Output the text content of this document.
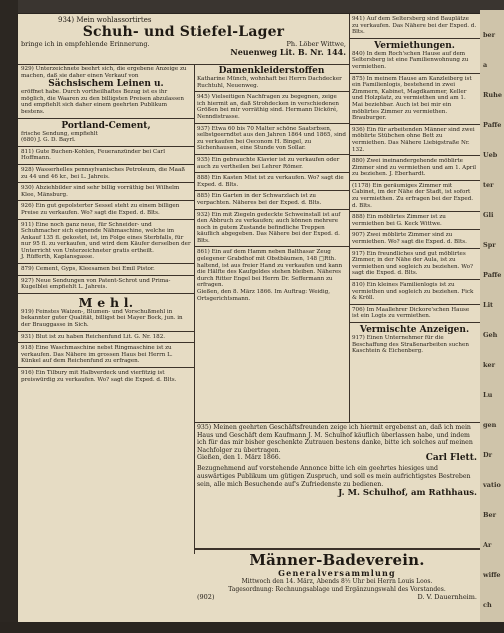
934) Mein wohlassortirtes
Schuh- und Stiefel-Lager
bringe ich in empfehlende Erinnerung.	Ph. Löber Wittwe,
Neuenweg Lit. B. Nr. 144.
929) Unterzeichnete beehrt sich, die ergebene Anzeige zu machen, daß sie daher einen Verkauf von
Sächsischem Leinen u.
eröffnet habe. Durch vortheilhaftes Bezug ist es ihr möglich, die Waaren zu den billigsten Preisen abzulassen und empfiehlt sich daher einem geehrten Publikum bestens.
Portland-Cement,
frische Sendung, empfiehlt
(680) J. G. D. Bayrl.
811) Gute Buchen-Kohlen, Feueranzünder bei Carl Hoffmann.
928) Wasserhelles pennsylvanisches Petroleum, die Maaß zu 44 und 46 kr., bei L. Jahreis.
930) Abziehbilder sind sehr billig vorräthig bei Wilhelm Klee, Mänsburg.
926) Ein gut gepolsterter Sessel steht zu einem billigen Preise zu verkaufen. Wo? sagt die Exped. d. Blts.
911) Eine noch ganz neue, für Schneider- und Schuhmacher sich eignende Nähmaschine, welche im Ankauf 135 fl. gekostet, ist, im Folge eines Sterbfalls, für nur 95 fl. zu verkaufen, und wird dem Käufer derselben der Unterricht von Unterzeichneter gratis ertheilt.
J. Rüfferth, Kaplansgasse.
879) Cement, Gyps, Kleesamen bei Emil Pistor.
927) Neue Sendungen von Patent-Schrot und Prima-Kugelblei empfiehlt L. Jahreis.
M e h l.
919) Feinstes Waizen-, Blumen- und Vorschußmehl in bekannter guter Qualität, billigst bei Mayer Bock, jun. in der Brauggasse in Sich.
931) Blut ist zu haben Reichenfund Lit. G. Nr. 182.
918) Eine Waschmaschine nebst Ringmaschine ist zu verkaufen. Das Nähere im grossen Haus bei Herrn L. Künkel auf dem Reichenfund zu erfragen.
916) Ein Tilbury mit Halbverdeck und vierfitzig ist preiswürdig zu verkaufen. Wo? sagt die Exped. d. Blts.
Damenkleiderstoffen
Katharine Münch, wohnhaft bei Herrn Dachdecker Ruchtuhl, Neuenweg.
945) Vielseitigen Nachfragen zu begegnen, zeige ich hiermit an, daß Strohdecken in verschiedenen Größen bei mir vorräthig sind. Hermann Dicköré, Nenndistrasse.
937) Etwa 60 bis 70 Malter schöne Saatsrbsen, selbstgeerndtet aus den Jahren 1864 und 1865, sind zu verkaufen bei Oeconom H. Bingel, zu Sichenhausen, eine Stunde von Sollar.
935) Ein gebrauchte Klavier ist zu verkaufen oder auch zu vertheilen bei Lehrer Römer.
888) Ein Kasten Mist ist zu verkaufen. Wo? sagt die Exped. d. Blts.
885) Ein Garten in der Schwarzlach ist zu verpachten. Näheres bei der Exped. d. Blts.
932) Ein mit Ziegeln gedeckte Schweinstall ist auf den Abbruch zu verkaufen; auch können mehrere noch in gutem Zustande befindliche Treppen käuflich abgegeben. Das Nähere bei der Exped. d. Blts.
861) Ein auf dem Hamm neben Balthasar Zeug gelegener Grabdhof mit Obstbäumen, 148 □Rth. haltend, ist aus freier Hand zu verkaufen und kann die Hälfte des Kaufgeldes stehen bleiben. Näheres durch Ritter Engel bei Herrn Dr. Seffermann zu erfragen.
Gießen, den 8. März 1866. Im Auftrag: Weidig, Ortsgerichtsmann.
941) Auf dem Seltersberg sind Bauplätze zu verkaufen. Das Nähere bei der Exped. d. Blts.
Vermiethungen.
840) In dem Roch'schen Hause auf dem Seltersberg ist eine Familienwohnung zu vermiethen.
875) In meinem Hause am Kanzleiberg ist ein Familienlogis, bestehend in zwei Zimmern, Kabinet, Magdkammer, Keller und Holzplatz, zu vermiethen und am 1. Mai beziehbar. Auch ist bei mir ein möblirtes Zimmer zu vermiethen. Brauburger.
936) Ein für arbeitenden Männer sind zwei möblirte Stübchen ohne Bett zu vermiethen. Das Nähere Liebigstraße Nr. 132.
880) Zwei ineinandergehende möblirte Zimmer sind zu vermiethen und am 1. April zu beziehen. J. Eberhardt.
(1178) Ein geräumiges Zimmer mit Cabinet, im der Nähe der Stadt, ist sofort zu vermiethen. Zu erfragen bei der Exped. d. Blts.
888) Ein möblirtes Zimmer ist zu vermiethen bei G. Keck Wittwe.
907) Zwei möblirte Zimmer sind zu vermiethen. Wo? sagt die Exped. d. Blts.
917) Ein freundliches und gut möblirtes Zimmer, in der Nähe der Aula, ist zu vermiethen und sogleich zu beziehen. Wo? sagt die Exped. d. Blts.
810) Ein kleines Familienlogis ist zu vermiethen und sogleich zu beziehen. Fick & Kröll.
706) Im Maallehrer Dickore'schen Hause ist ein Logis zu vermiethen.
Vermischte Anzeigen.
917) Einen Unternehmer für die Beschaffung des Straßenarbeiten suchen Kaschtein & Eichenberg.
935) Meinen geehrten Geschäftsfreunden zeige ich hiermit ergebenst an, daß ich mein Haus und Geschäft dem Kaufmann J. M. Schulhof käuflich überlassen habe, und indem ich für das mir bisher geschenkte Zutrauen bestens danke, bitte ich solches auf meinen Nachfolger zu übertragen.
Gießen, den 1. März 1866.	Carl Flett.
Bezugnehmend auf vorstehende Annonce bitte ich ein geehrtes hiesiges und auswärtiges Publikum um gütigen Zuspruch, und soll es mein aufrichtigstes Bestreben sein, alle mich Besuchende auf's Zufriedenste zu bedienen.
J. M. Schulhof, am Rathhaus.
Männer-Badeverein.
Generalversammlung
Mittwoch den 14. März, Abends 8½ Uhr bei Herrn Louis Loos.
Tagesordnung: Rechnungsablage und Ergänzungswahl des Vorstandes.
(902)	D. V. Dauernheim.
ber
a
Ruhe
Paffe
Ueb
ter
Gli
Spr
Paffe
Lit
Geh
ker
Lu
gen
Dr
vatio
Ber
Ar
wiffe
ch
